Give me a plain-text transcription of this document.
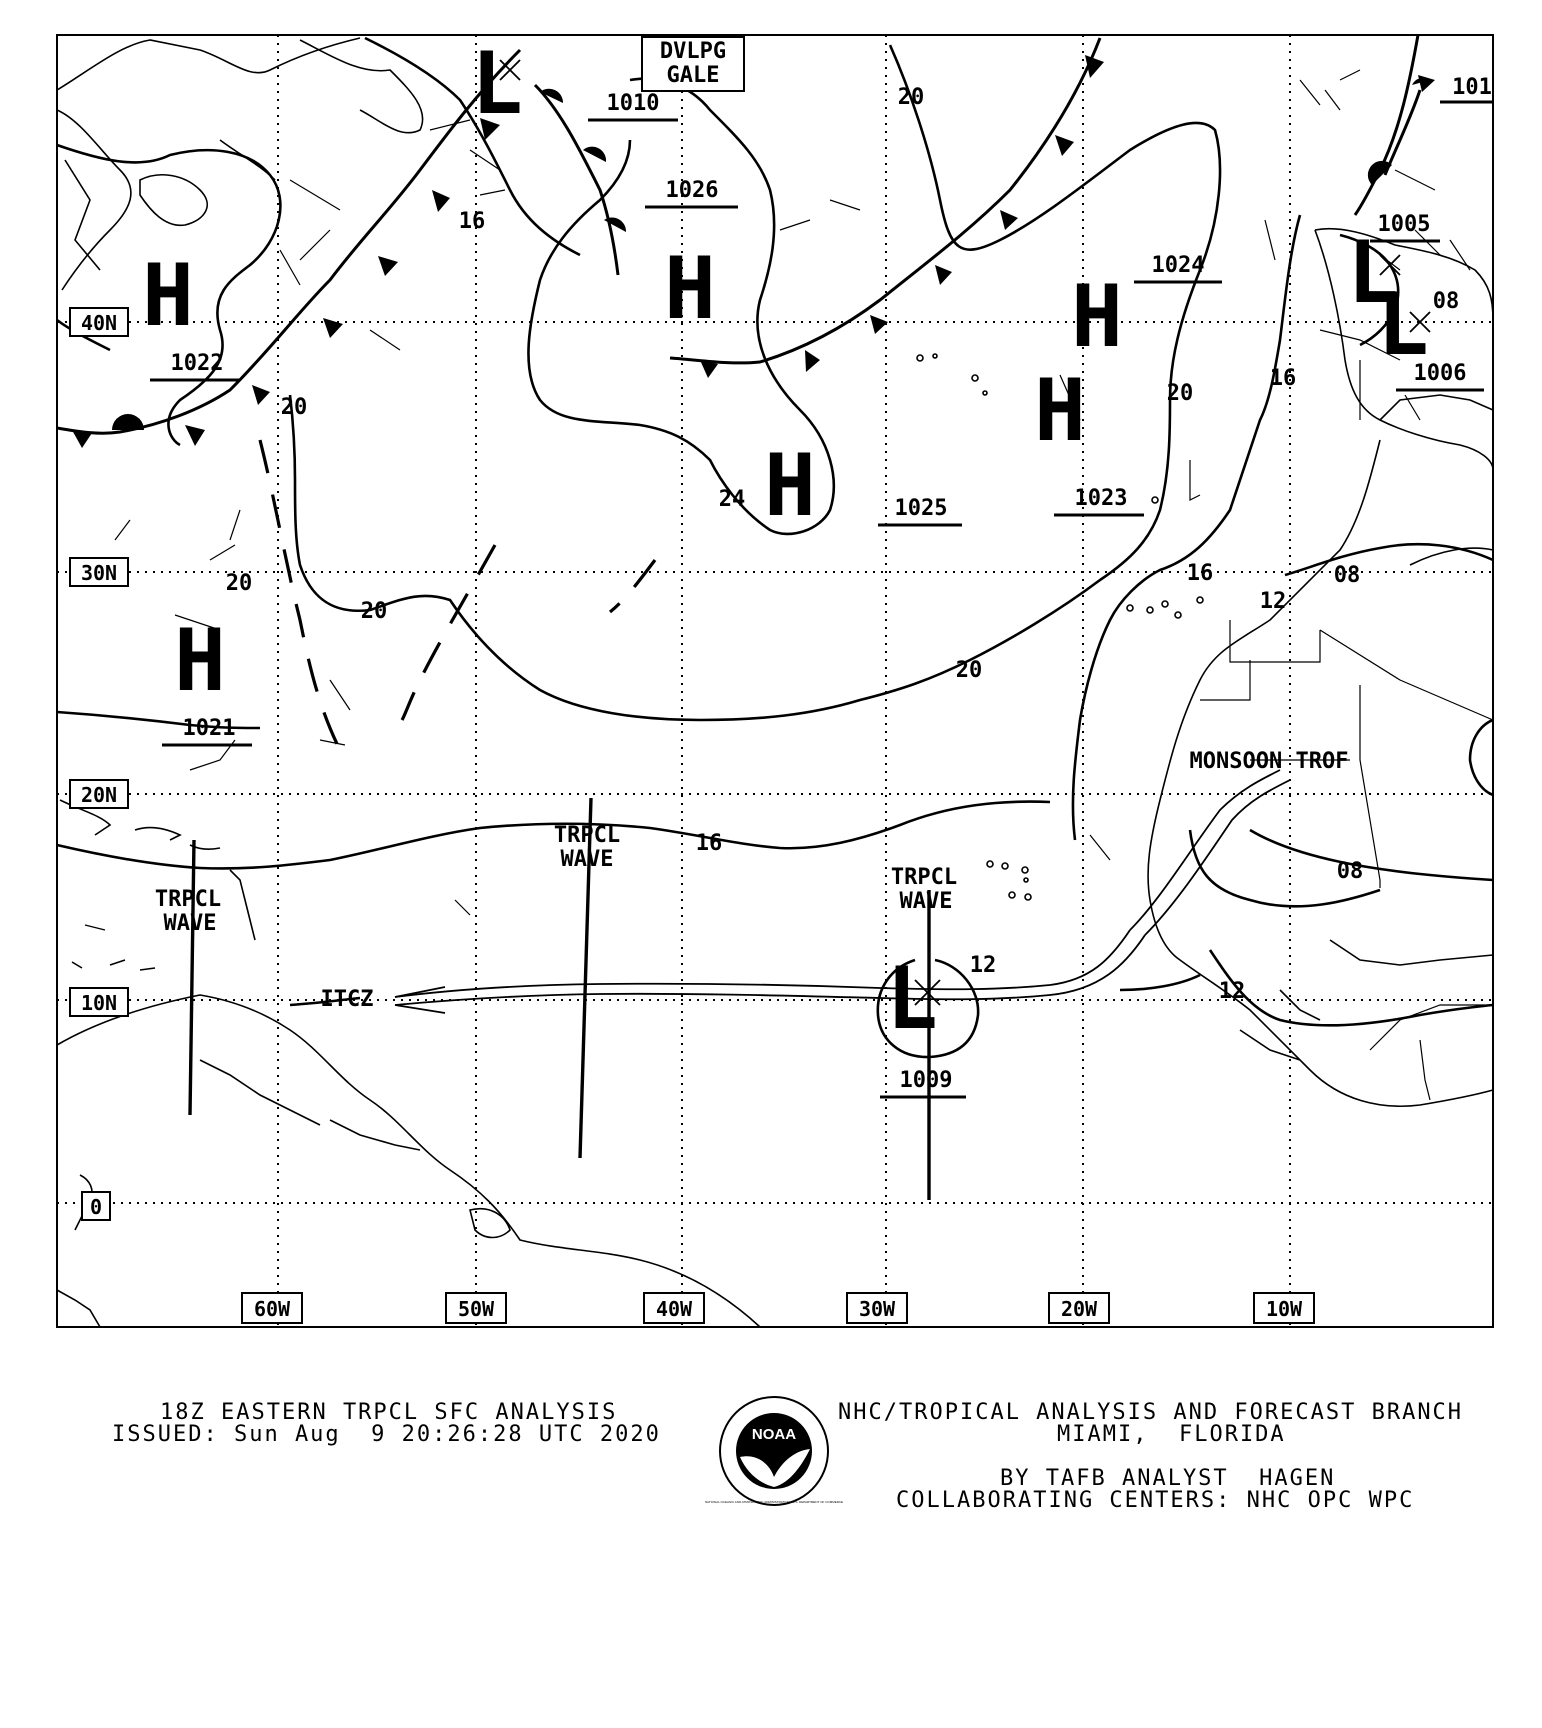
60W	50W	40W	30W	20W	10W
40N
30N
20N
10N
0
H
H
H
H
H
H
L
L
L
L
1022
1021
1026
1025
1024
1023
1010
1005
1006
1009
20
16
20
20
20
24
20
20
16
16
12
08
12
12
08
08
16
DVLPG
GALE
TRPCL
WAVE
TRPCL
WAVE
TRPCL
WAVE
ITCZ
MONSOON TROF
101
18Z EASTERN TRPCL SFC ANALYSIS
ISSUED: Sun Aug  9 20:26:28 UTC 2020
NHC/TROPICAL ANALYSIS AND FORECAST BRANCH
MIAMI,  FLORIDA
BY TAFB ANALYST  HAGEN
COLLABORATING CENTERS: NHC OPC WPC
NOAA
NATIONAL OCEANIC AND ATMOSPHERIC ADMINISTRATION · U.S. DEPARTMENT OF COMMERCE
